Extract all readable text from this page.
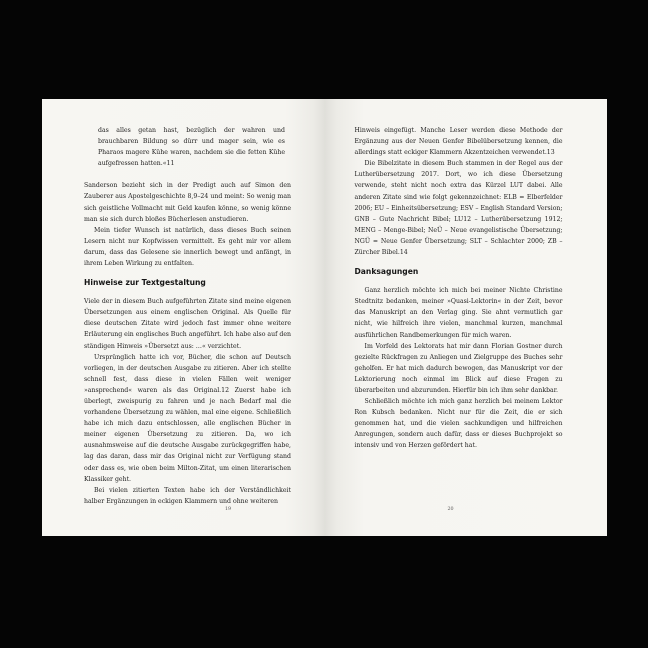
das alles getan hast, bezüglich der wahren und brauchbaren Bildung so dürr und mager sein, wie es Pharaos magere Kühe waren, nachdem sie die fetten Kühe aufgefressen hatten.«11

Sanderson bezieht sich in der Predigt auch auf Simon den Zauberer aus Apostelgeschichte 8,9–24 und meint: So wenig man sich geistliche Vollmacht mit Geld kaufen könne, so wenig könne man sie sich durch bloßes Bücherlesen anstudieren.

Mein tiefer Wunsch ist natürlich, dass dieses Buch seinen Lesern nicht nur Kopfwissen vermittelt. Es geht mir vor allem darum, dass das Gelesene sie innerlich bewegt und anfängt, in ihrem Leben Wirkung zu entfalten.

Hinweise zur Textgestaltung

Viele der in diesem Buch aufgeführten Zitate sind meine eigenen Übersetzungen aus einem englischen Original. Als Quelle für diese deutschen Zitate wird jedoch fast immer ohne weitere Erläuterung ein englisches Buch angeführt. Ich habe also auf den ständigen Hinweis »Übersetzt aus: …« verzichtet.

Ursprünglich hatte ich vor, Bücher, die schon auf Deutsch vorliegen, in der deutschen Ausgabe zu zitieren. Aber ich stellte schnell fest, dass diese in vielen Fällen weit weniger »ansprechend« waren als das Original.12 Zuerst habe ich überlegt, zweispurig zu fahren und je nach Bedarf mal die vorhandene Übersetzung zu wählen, mal eine eigene. Schließlich habe ich mich dazu entschlossen, alle englischen Bücher in meiner eigenen Übersetzung zu zitieren. Da, wo ich ausnahmsweise auf die deutsche Ausgabe zurückgegriffen habe, lag das daran, dass mir das Original nicht zur Verfügung stand oder dass es, wie oben beim Milton-Zitat, um einen literarischen Klassiker geht.

Bei vielen zitierten Texten habe ich der Verständlichkeit halber Ergänzungen in eckigen Klammern und ohne weiteren

19

Hinweis eingefügt. Manche Leser werden diese Methode der Ergänzung aus der Neuen Genfer Bibelübersetzung kennen, die allerdings statt eckiger Klammern Akzentzeichen verwendet.13

Die Bibelzitate in diesem Buch stammen in der Regel aus der Lutherübersetzung 2017. Dort, wo ich diese Übersetzung verwende, steht nicht noch extra das Kürzel LUT dabei. Alle anderen Zitate sind wie folgt gekennzeichnet: ELB = Elberfelder 2006; EU – Einheitsübersetzung; ESV – English Standard Version; GNB – Gute Nachricht Bibel; LU12 – Lutherübersetzung 1912; MENG – Menge-Bibel; NeÜ – Neue evangelistische Übersetzung; NGÜ = Neue Genfer Übersetzung; SLT – Schlachter 2000; ZB – Zürcher Bibel.14

Danksagungen

Ganz herzlich möchte ich mich bei meiner Nichte Christine Stedtnitz bedanken, meiner »Quasi-Lektorin« in der Zeit, bevor das Manuskript an den Verlag ging. Sie ahnt vermutlich gar nicht, wie hilfreich ihre vielen, manchmal kurzen, manchmal ausführlichen Randbemerkungen für mich waren.

Im Vorfeld des Lektorats hat mir dann Florian Gostner durch gezielte Rückfragen zu Anliegen und Zielgruppe des Buches sehr geholfen. Er hat mich dadurch bewogen, das Manuskript vor der Lektorierung noch einmal im Blick auf diese Fragen zu überarbeiten und abzurunden. Hierfür bin ich ihm sehr dankbar.

Schließlich möchte ich mich ganz herzlich bei meinem Lektor Ron Kubsch bedanken. Nicht nur für die Zeit, die er sich genommen hat, und die vielen sachkundigen und hilfreichen Anregungen, sondern auch dafür, dass er dieses Buchprojekt so intensiv und von Herzen gefördert hat.

20
